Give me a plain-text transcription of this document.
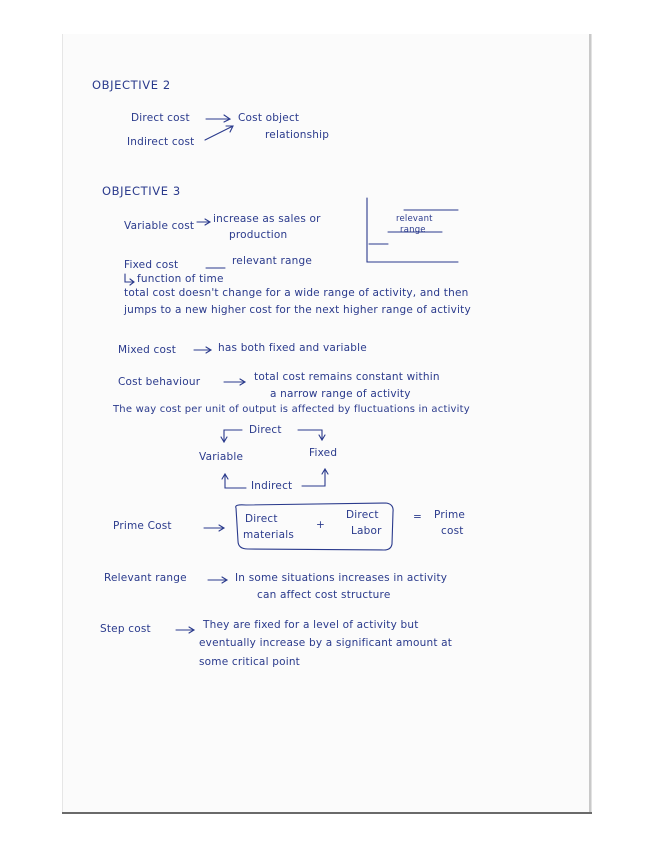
OBJECTIVE 2
Direct cost
Indirect cost
Cost object
relationship
OBJECTIVE 3
Variable cost
increase as sales or
production
relevant
range
Fixed cost	relevant range
function of time
total cost doesn't change for a wide range of activity, and then
jumps to a new higher cost for the next higher range of activity
Mixed cost	has both fixed and variable
Cost behaviour	total cost remains constant within
a narrow range of activity
The way cost per unit of output is affected by fluctuations in activity
Direct
Variable	Fixed
Indirect
Prime Cost
Direct
materials
+
Direct
Labor
= Prime
cost
Relevant range	In some situations increases in activity
can affect cost structure
Step cost	They are fixed for a level of activity but
eventually increase by a significant amount at
some critical point
